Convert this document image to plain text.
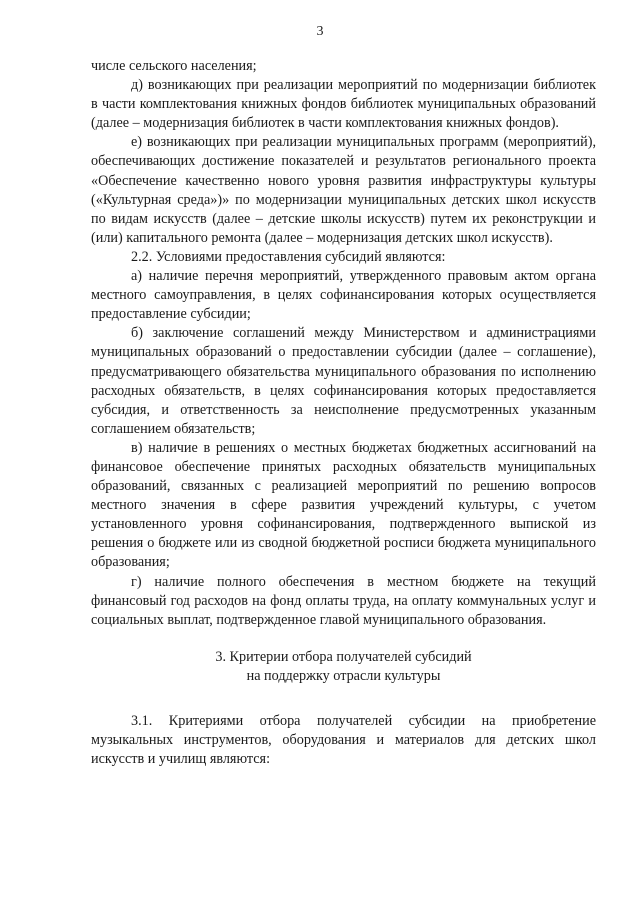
3

числе сельского населения;

д) возникающих при реализации мероприятий по модернизации библиотек в части комплектования книжных фондов библиотек муниципальных образований (далее – модернизация библиотек в части комплектования книжных фондов).

е) возникающих при реализации муниципальных программ (мероприятий), обеспечивающих достижение показателей и результатов регионального проекта «Обеспечение качественно нового уровня развития инфраструктуры культуры («Культурная среда»)» по модернизации муниципальных детских школ искусств по видам искусств (далее – детские школы искусств) путем их реконструкции и (или) капитального ремонта (далее – модернизация детских школ искусств).

2.2. Условиями предоставления субсидий являются:

а) наличие перечня мероприятий, утвержденного правовым актом органа местного самоуправления, в целях софинансирования которых осуществляется предоставление субсидии;

б) заключение соглашений между Министерством и администрациями муниципальных образований о предоставлении субсидии (далее – соглашение), предусматривающего обязательства муниципального образования по исполнению расходных обязательств, в целях софинансирования которых предоставляется субсидия, и ответственность за неисполнение предусмотренных указанным соглашением обязательств;

в) наличие в решениях о местных бюджетах бюджетных ассигнований на финансовое обеспечение принятых расходных обязательств муниципальных образований, связанных с реализацией мероприятий по решению вопросов местного значения в сфере развития учреждений культуры, с учетом установленного уровня софинансирования, подтвержденного выпиской из решения о бюджете или из сводной бюджетной росписи бюджета муниципального образования;

г) наличие полного обеспечения в местном бюджете на текущий финансовый год расходов на фонд оплаты труда, на оплату коммунальных услуг и социальных выплат, подтвержденное главой муниципального образования.

3. Критерии отбора получателей субсидий
на поддержку отрасли культуры

3.1. Критериями отбора получателей субсидии на приобретение музыкальных инструментов, оборудования и материалов для детских школ искусств и училищ являются:
